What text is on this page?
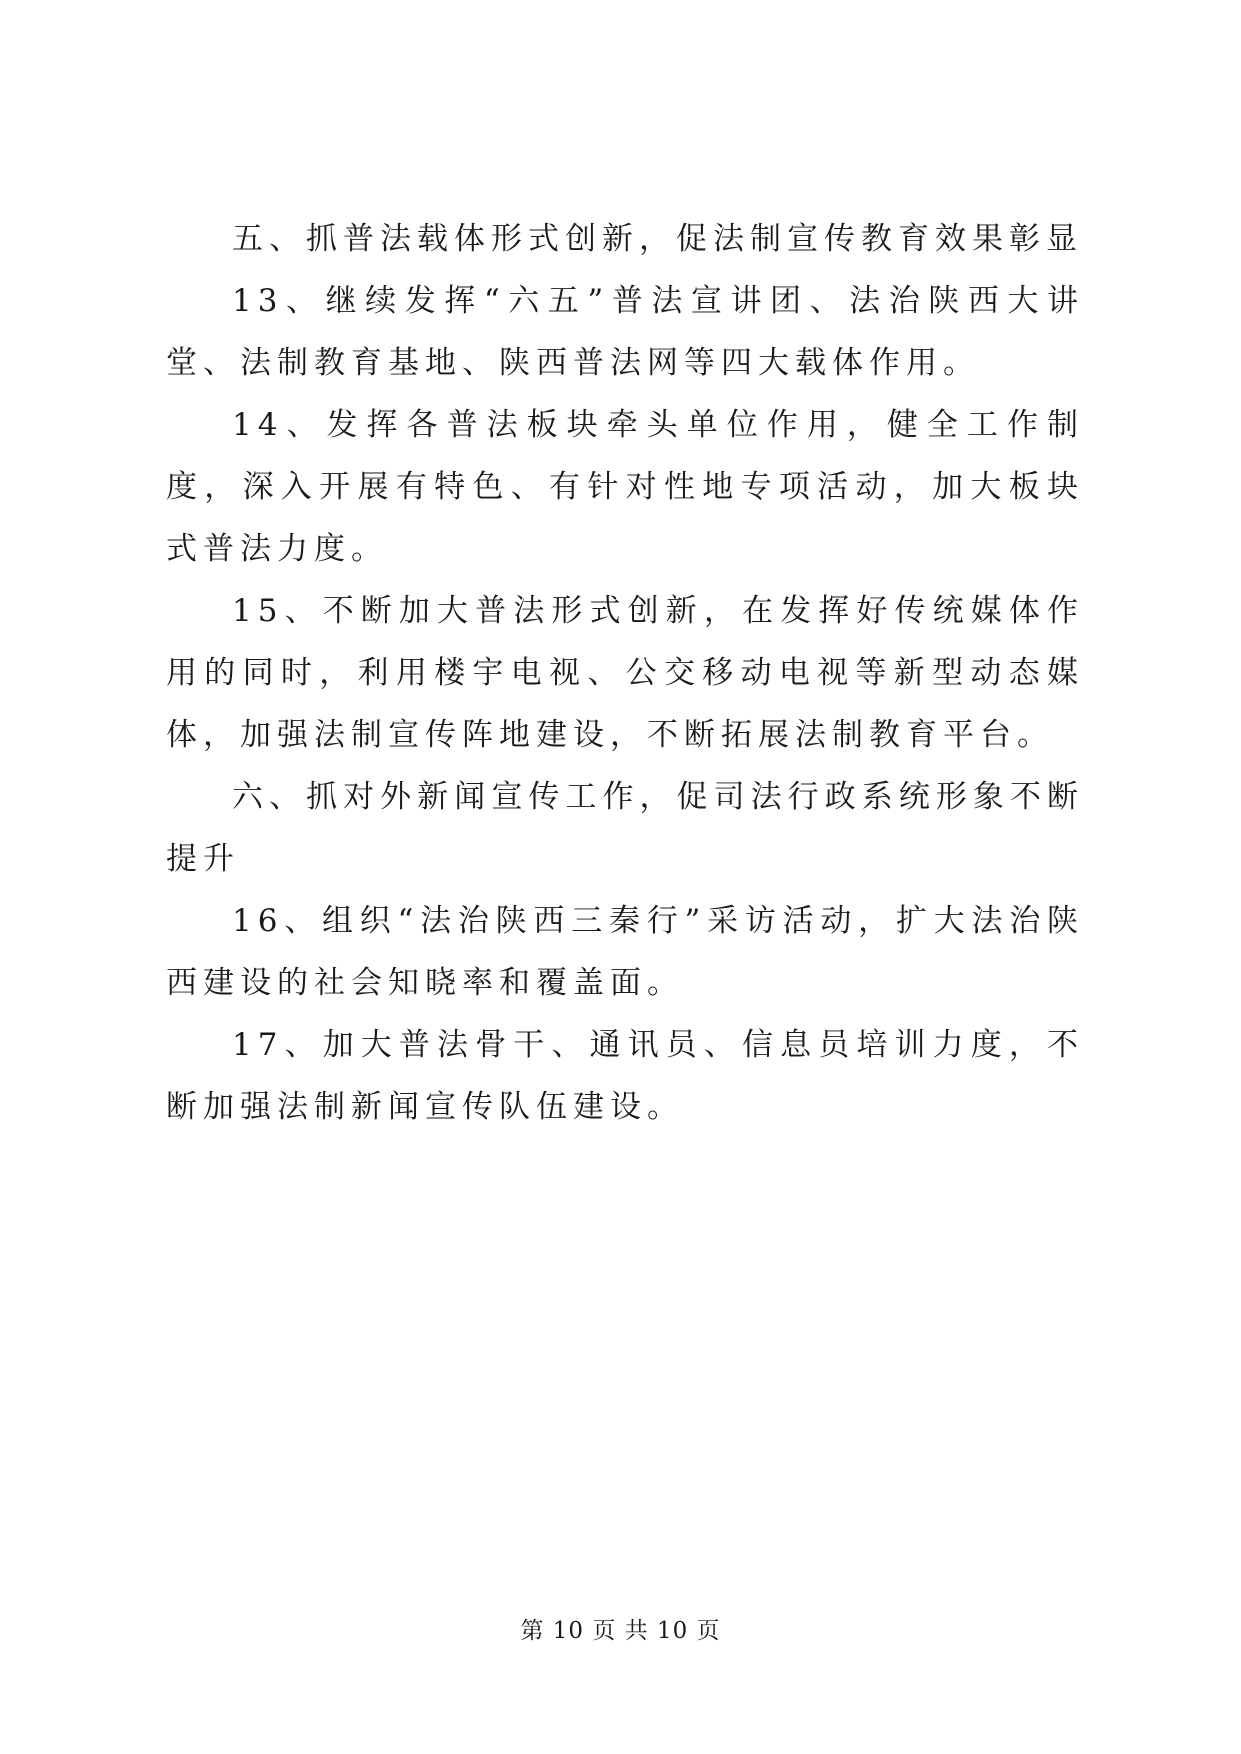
五、抓普法载体形式创新，促法制宣传教育效果彰显

13、继续发挥“六五”普法宣讲团、法治陕西大讲堂、法制教育基地、陕西普法网等四大载体作用。

14、发挥各普法板块牵头单位作用，健全工作制度，深入开展有特色、有针对性地专项活动，加大板块式普法力度。

15、不断加大普法形式创新，在发挥好传统媒体作用的同时，利用楼宇电视、公交移动电视等新型动态媒体，加强法制宣传阵地建设，不断拓展法制教育平台。

六、抓对外新闻宣传工作，促司法行政系统形象不断提升

16、组织“法治陕西三秦行”采访活动，扩大法治陕西建设的社会知晓率和覆盖面。

17、加大普法骨干、通讯员、信息员培训力度，不断加强法制新闻宣传队伍建设。

第 10 页 共 10 页
